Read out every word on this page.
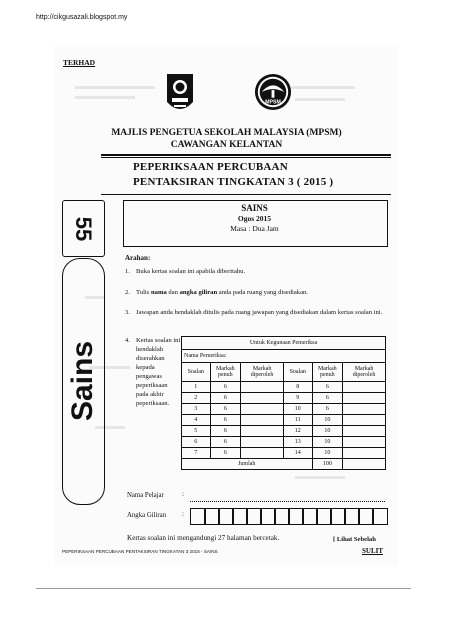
http://cikgusazali.blogspot.my
TERHAD
MPSM
MAJLIS PENGETUA SEKOLAH MALAYSIA (MPSM)
CAWANGAN KELANTAN
PEPERIKSAAN PERCUBAAN
PENTAKSIRAN TINGKATAN 3 ( 2015 )
55
SAINS
Ogos 2015
Masa : Dua Jam
Sains
Arahan:
1. Buka kertas soalan ini apabila diberitahu.
2. Tulis nama dan angka giliran anda pada ruang yang disediakan.
3. Jawapan anda hendaklah ditulis pada ruang jawapan yang disediakan dalam kertas soalan ini.
4. Kertas soalan ini hendaklah diserahkan kepada pengawas peperiksaan pada akhir peperiksaan.
Untuk Kegunaan Pemeriksa					
Nama Pemeriksa:					
Soalan	Markah penuh	Markah diperoleh	Soalan	Markah penuh	Markah diperoleh
1	6		8	6	
2	6		9	6	
3	6		10	6	
4	6		11	10	
5	6		12	10	
6	6		13	10	
7	6		14	10	
Jumlah				100	
Nama Pelajar	:
Angka Giliran :
Kertas soalan ini mengandungi 27 halaman bercetak.	[ Lihat Sebelah
SULIT
PEPERIKSAAN PERCUBAAN PENTAKSIRAN TINGKATAN 3 2015 - SAINS
